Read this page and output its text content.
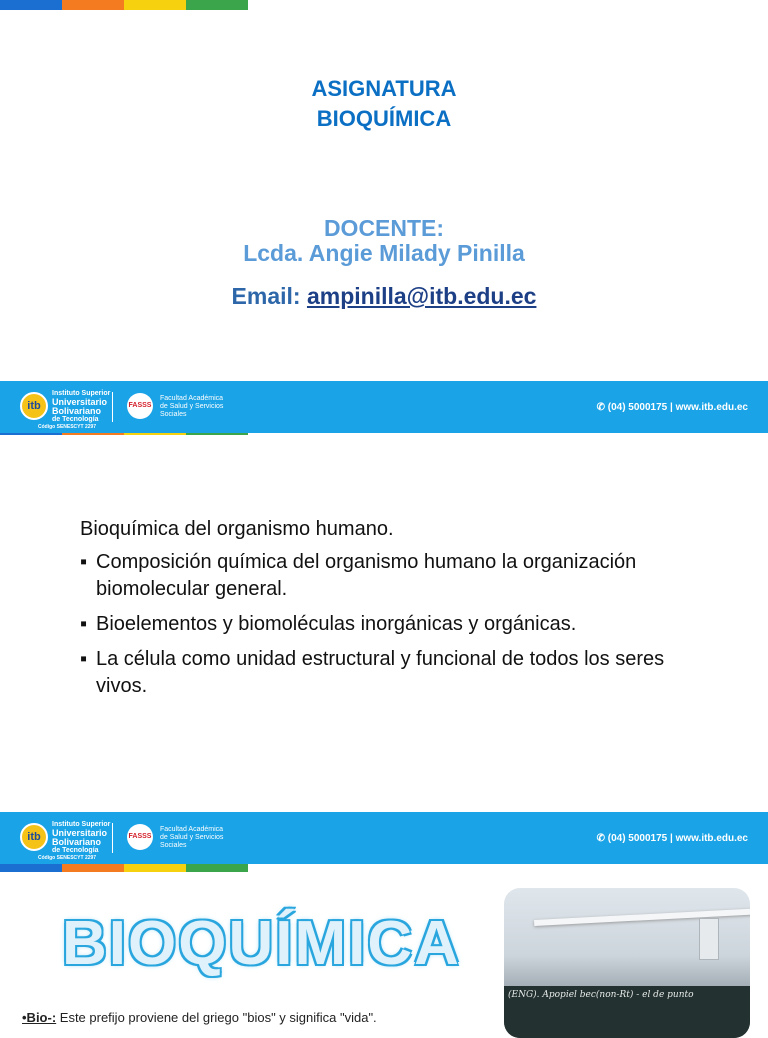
ASIGNATURA
BIOQUÍMICA
DOCENTE:
Lcda. Angie Milady Pinilla
Email: ampinilla@itb.edu.ec
itb
Instituto Superior
Universitario
Bolivariano
de Tecnología
Código SENESCYT 2297
FASSS
Facultad Académica
de Salud y Servicios
Sociales
✆ (04) 5000175 | www.itb.edu.ec
Bioquímica del organismo humano.
▪ Composición química del organismo humano la organización biomolecular general.
▪ Bioelementos y biomoléculas inorgánicas y orgánicas.
▪ La célula como unidad estructural y funcional de todos los seres vivos.
itb
Instituto Superior
Universitario
Bolivariano
de Tecnología
Código SENESCYT 2297
FASSS
Facultad Académica
de Salud y Servicios
Sociales
✆ (04) 5000175 | www.itb.edu.ec
BIOQUÍMICA
•Bio-: Este prefijo proviene del griego "bios" y significa "vida".
(ENG). Apopiel bec(non-Rt) - el de punto
